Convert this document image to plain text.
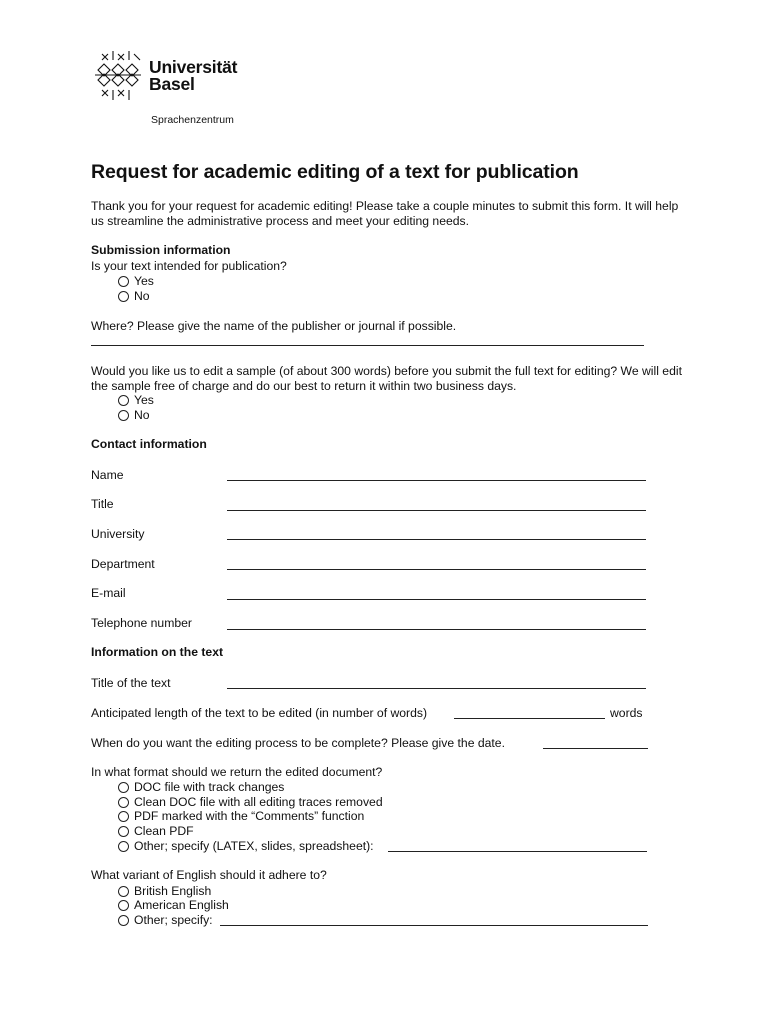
Universität
Basel
Sprachenzentrum
Request for academic editing of a text for publication
Thank you for your request for academic editing! Please take a couple minutes to submit this form. It will help us streamline the administrative process and meet your editing needs.
Submission information
Is your text intended for publication?
Yes
No
Where? Please give the name of the publisher or journal if possible.
Would you like us to edit a sample (of about 300 words) before you submit the full text for editing? We will edit the sample free of charge and do our best to return it within two business days.
Yes
No
Contact information
Name
Title
University
Department
E-mail
Telephone number
Information on the text
Title of the text
Anticipated length of the text to be edited (in number of words)	words
When do you want the editing process to be complete? Please give the date.
In what format should we return the edited document?
DOC file with track changes
Clean DOC file with all editing traces removed
PDF marked with the “Comments” function
Clean PDF
Other; specify (LATEX, slides, spreadsheet):
What variant of English should it adhere to?
British English
American English
Other; specify:
